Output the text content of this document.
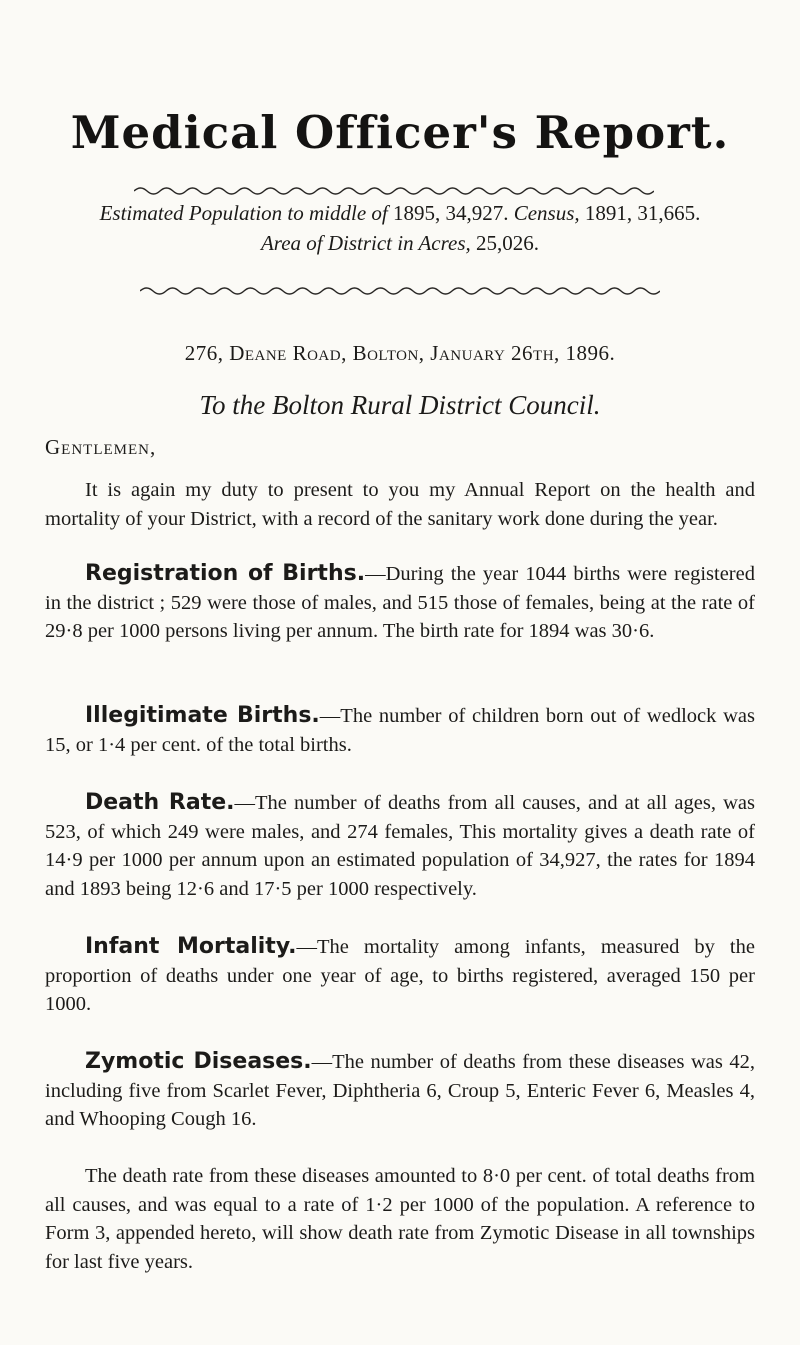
Medical Officer's Report.
Estimated Population to middle of 1895, 34,927. Census, 1891, 31,665.
Area of District in Acres, 25,026.
276, Deane Road, Bolton, January 26th, 1896.
To the Bolton Rural District Council.
Gentlemen,
It is again my duty to present to you my Annual Report on the health and mortality of your District, with a record of the sanitary work done during the year.
Registration of Births.—During the year 1044 births were registered in the district ; 529 were those of males, and 515 those of females, being at the rate of 29·8 per 1000 persons living per annum. The birth rate for 1894 was 30·6.
Illegitimate Births.—The number of children born out of wedlock was 15, or 1·4 per cent. of the total births.
Death Rate.—The number of deaths from all causes, and at all ages, was 523, of which 249 were males, and 274 females, This mortality gives a death rate of 14·9 per 1000 per annum upon an estimated population of 34,927, the rates for 1894 and 1893 being 12·6 and 17·5 per 1000 respectively.
Infant Mortality.—The mortality among infants, measured by the proportion of deaths under one year of age, to births registered, averaged 150 per 1000.
Zymotic Diseases.—The number of deaths from these diseases was 42, including five from Scarlet Fever, Diphtheria 6, Croup 5, Enteric Fever 6, Measles 4, and Whooping Cough 16.
The death rate from these diseases amounted to 8·0 per cent. of total deaths from all causes, and was equal to a rate of 1·2 per 1000 of the population. A reference to Form 3, appended hereto, will show death rate from Zymotic Disease in all townships for last five years.
